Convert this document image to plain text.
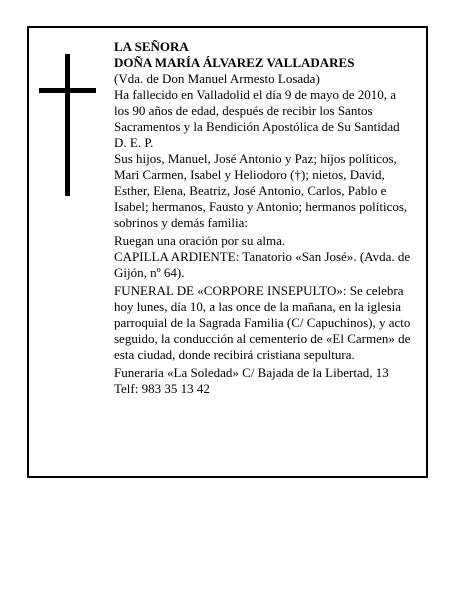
LA SEÑORA

DOÑA MARÍA ÁLVAREZ VALLADARES

(Vda. de Don Manuel Armesto Losada)

Ha fallecido en Valladolid el día 9 de mayo de 2010, a los 90 años de edad, después de recibir los Santos Sacramentos y la Bendición Apostólica de Su Santidad

D. E. P.

Sus hijos, Manuel, José Antonio y Paz; hijos políticos, Mari Carmen, Isabel y Heliodoro (†); nietos, David, Esther, Elena, Beatriz, José Antonio, Carlos, Pablo e Isabel; hermanos, Fausto y Antonio; hermanos políticos, sobrinos y demás familia:

Ruegan una oración por su alma.

CAPILLA ARDIENTE: Tanatorio «San José». (Avda. de Gijón, nº 64).

FUNERAL DE «CORPORE INSEPULTO»: Se celebra hoy lunes, día 10, a las once de la mañana, en la iglesia parroquial de la Sagrada Familia (C/ Capuchinos), y acto seguido, la conducción al cementerio de «El Carmen» de esta ciudad, donde recibirá cristiana sepultura.

Funeraria «La Soledad» C/ Bajada de la Libertad, 13

Telf: 983 35 13 42
